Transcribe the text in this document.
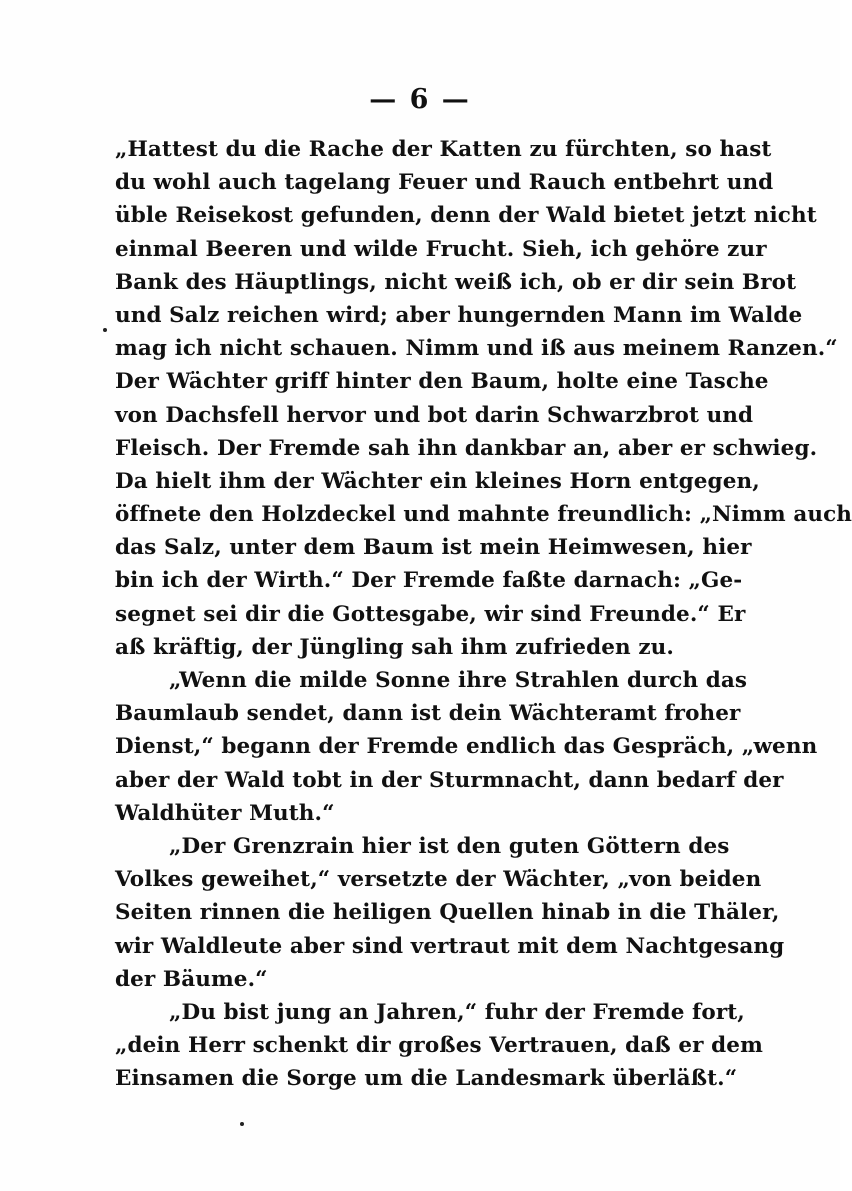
— 6 —
„Hattest du die Rache der Katten zu fürchten, so hast
du wohl auch tagelang Feuer und Rauch entbehrt und
üble Reisekost gefunden, denn der Wald bietet jetzt nicht
einmal Beeren und wilde Frucht. Sieh, ich gehöre zur
Bank des Häuptlings, nicht weiß ich, ob er dir sein Brot
und Salz reichen wird; aber hungernden Mann im Walde
mag ich nicht schauen. Nimm und iß aus meinem Ranzen.“
Der Wächter griff hinter den Baum, holte eine Tasche
von Dachsfell hervor und bot darin Schwarzbrot und
Fleisch. Der Fremde sah ihn dankbar an, aber er schwieg.
Da hielt ihm der Wächter ein kleines Horn entgegen,
öffnete den Holzdeckel und mahnte freundlich: „Nimm auch
das Salz, unter dem Baum ist mein Heimwesen, hier
bin ich der Wirth.“ Der Fremde faßte darnach: „Ge-
segnet sei dir die Gottesgabe, wir sind Freunde.“ Er
aß kräftig, der Jüngling sah ihm zufrieden zu.
„Wenn die milde Sonne ihre Strahlen durch das
Baumlaub sendet, dann ist dein Wächteramt froher
Dienst,“ begann der Fremde endlich das Gespräch, „wenn
aber der Wald tobt in der Sturmnacht, dann bedarf der
Waldhüter Muth.“
„Der Grenzrain hier ist den guten Göttern des
Volkes geweihet,“ versetzte der Wächter, „von beiden
Seiten rinnen die heiligen Quellen hinab in die Thäler,
wir Waldleute aber sind vertraut mit dem Nachtgesang
der Bäume.“
„Du bist jung an Jahren,“ fuhr der Fremde fort,
„dein Herr schenkt dir großes Vertrauen, daß er dem
Einsamen die Sorge um die Landesmark überläßt.“
